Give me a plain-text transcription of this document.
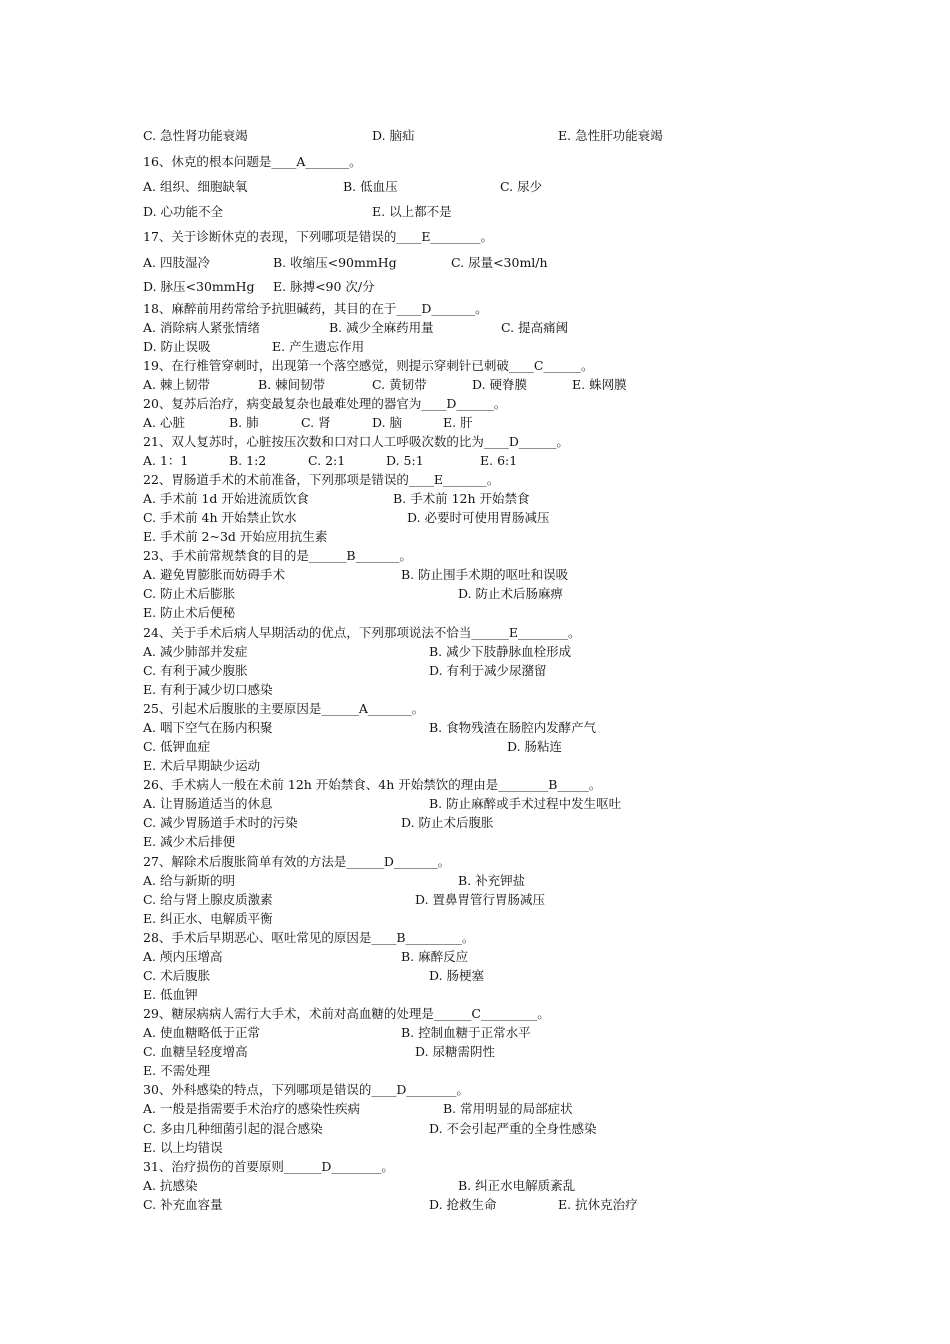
C. 急性肾功能衰竭	D. 脑疝	E. 急性肝功能衰竭
16、休克的根本问题是____A_______。
A. 组织、细胞缺氧	B. 低血压	C. 尿少
D. 心功能不全	E. 以上都不是
17、关于诊断休克的表现，下列哪项是错误的____E________。
A. 四肢湿冷	B. 收缩压<90mmHg	C. 尿量<30ml/h
D. 脉压<30mmHg E. 脉搏<90 次/分
18、麻醉前用药常给予抗胆碱药，其目的在于____D_______。
A. 消除病人紧张情绪	B. 减少全麻药用量	C. 提高痛阈
D. 防止误吸	E. 产生遗忘作用
19、在行椎管穿刺时，出现第一个落空感觉，则提示穿刺针已刺破____C______。
A. 棘上韧带	B. 棘间韧带	C. 黄韧带	D. 硬脊膜	E. 蛛网膜
20、复苏后治疗，病变最复杂也最难处理的器官为____D______。
A. 心脏	B. 肺	C. 肾	D. 脑	E. 肝
21、双人复苏时，心脏按压次数和口对口人工呼吸次数的比为____D______。
A. 1：1	B. 1:2	C. 2:1	D. 5:1	E. 6:1
22、胃肠道手术的术前准备，下列那项是错误的____E_______。
A. 手术前 1d 开始进流质饮食	B. 手术前 12h 开始禁食
C. 手术前 4h 开始禁止饮水	D. 必要时可使用胃肠减压
E. 手术前 2~3d 开始应用抗生素
23、手术前常规禁食的目的是______B_______。
A. 避免胃膨胀而妨碍手术	B. 防止围手术期的呕吐和误吸
C. 防止术后膨胀	D. 防止术后肠麻痹
E. 防止术后便秘
24、关于手术后病人早期活动的优点，下列那项说法不恰当______E________。
A. 减少肺部并发症	B. 减少下肢静脉血栓形成
C. 有利于减少腹胀	D. 有利于减少尿潴留
E. 有利于减少切口感染
25、引起术后腹胀的主要原因是______A_______。
A. 咽下空气在肠内积聚	B. 食物残渣在肠腔内发酵产气
C. 低钾血症	D. 肠粘连
E. 术后早期缺少运动
26、手术病人一般在术前 12h 开始禁食、4h 开始禁饮的理由是________B_____。
A. 让胃肠道适当的休息	B. 防止麻醉或手术过程中发生呕吐
C. 减少胃肠道手术时的污染	D. 防止术后腹胀
E. 减少术后排便
27、解除术后腹胀简单有效的方法是______D_______。
A. 给与新斯的明	B. 补充钾盐
C. 给与肾上腺皮质激素	D. 置鼻胃管行胃肠减压
E. 纠正水、电解质平衡
28、手术后早期恶心、呕吐常见的原因是____B_________。
A. 颅内压增高	B. 麻醉反应
C. 术后腹胀	D. 肠梗塞
E. 低血钾
29、糖尿病病人需行大手术，术前对高血糖的处理是______C_________。
A. 使血糖略低于正常	B. 控制血糖于正常水平
C. 血糖呈轻度增高	D. 尿糖需阴性
E. 不需处理
30、外科感染的特点，下列哪项是错误的____D________。
A. 一般是指需要手术治疗的感染性疾病	B. 常用明显的局部症状
C. 多由几种细菌引起的混合感染	D. 不会引起严重的全身性感染
E. 以上均错误
31、治疗损伤的首要原则______D________。
A. 抗感染	B. 纠正水电解质紊乱
C. 补充血容量	D. 抢救生命	E. 抗休克治疗
